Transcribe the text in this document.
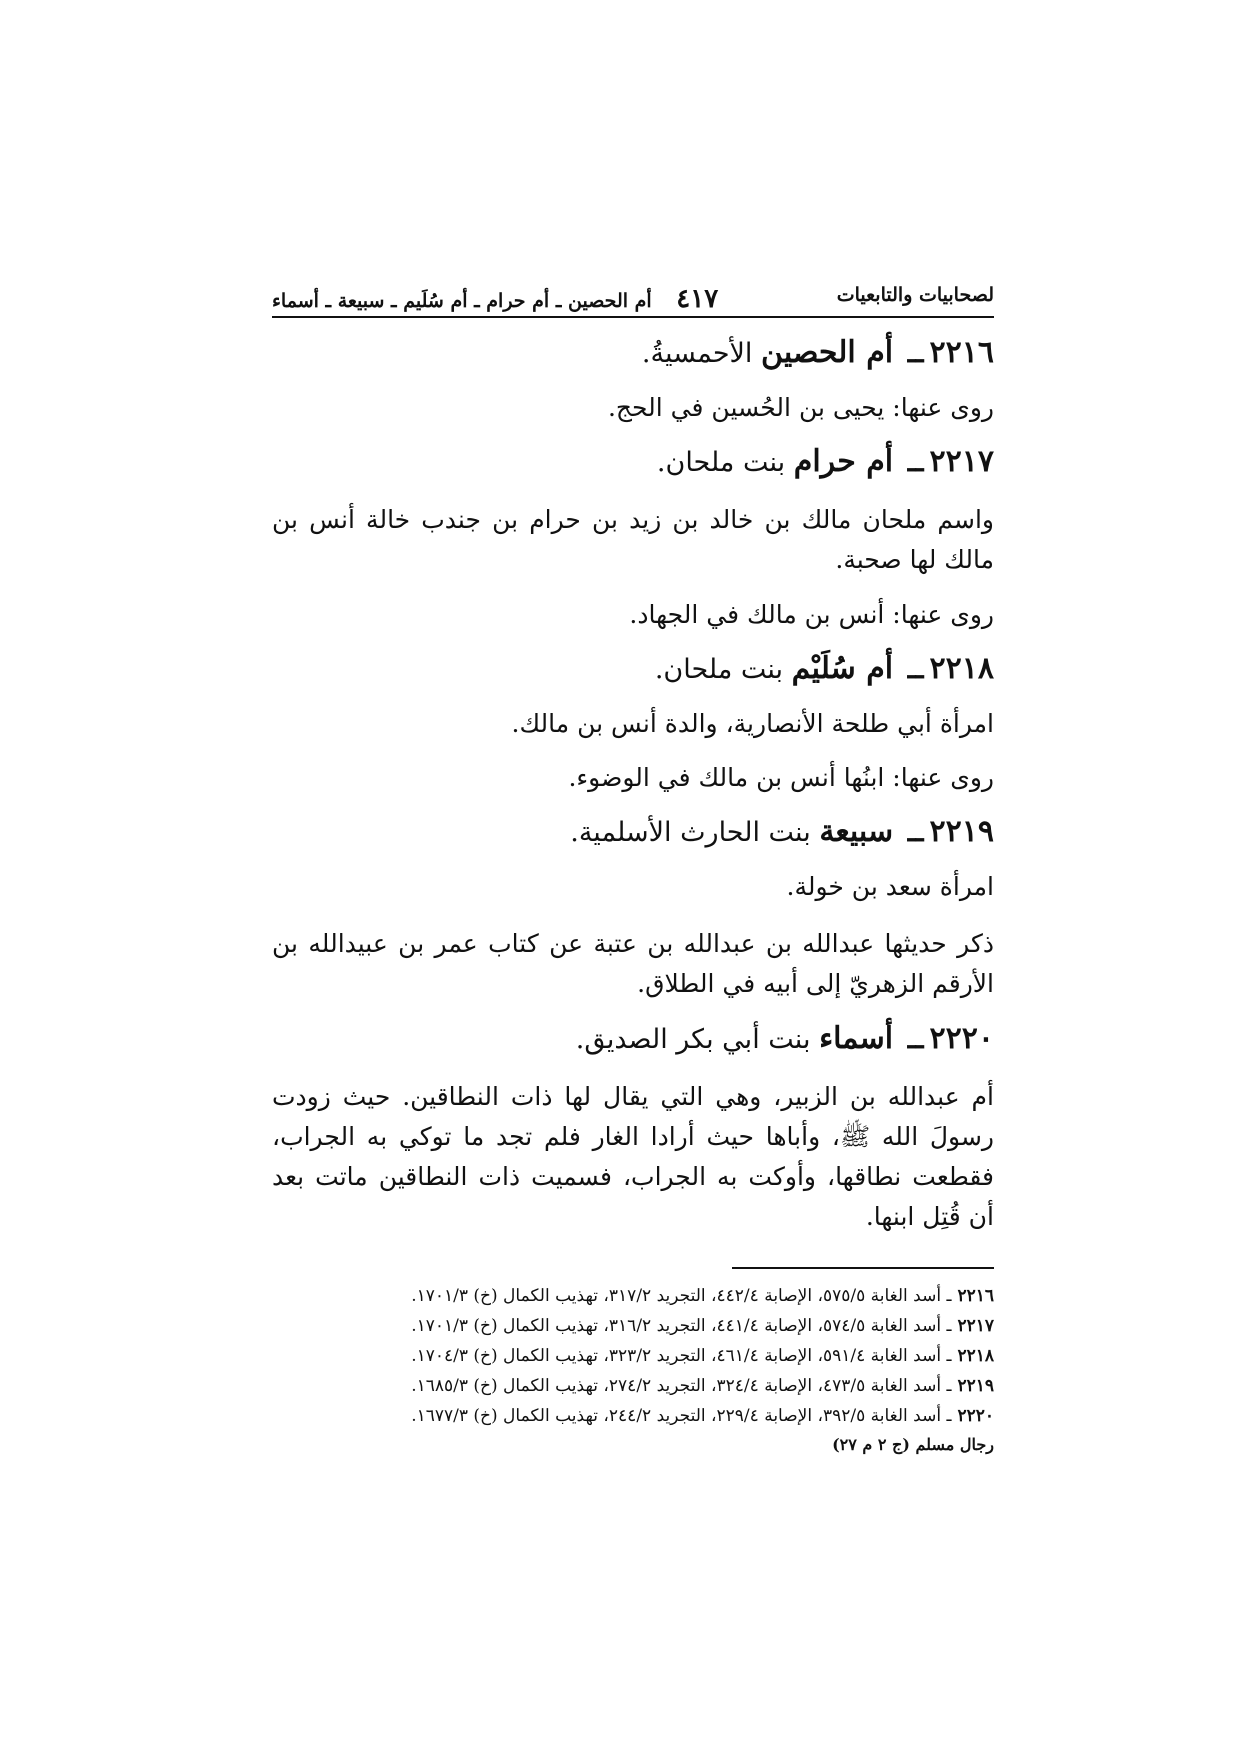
لصحابيات والتابعيات
٤١٧ أم الحصين ـ أم حرام ـ أم سُلَيم ـ سبيعة ـ أسماء
٢٢١٦ــ أم الحصين الأحمسيةُ.
روى عنها: يحيى بن الحُسين في الحج.
٢٢١٧ــ أم حرام بنت ملحان.
واسم ملحان مالك بن خالد بن زيد بن حرام بن جندب خالة أنس بن مالك لها صحبة.
روى عنها: أنس بن مالك في الجهاد.
٢٢١٨ــ أم سُلَيْم بنت ملحان.
امرأة أبي طلحة الأنصارية، والدة أنس بن مالك.
روى عنها: ابنُها أنس بن مالك في الوضوء.
٢٢١٩ــ سبيعة بنت الحارث الأسلمية.
امرأة سعد بن خولة.
ذكر حديثها عبدالله بن عبدالله بن عتبة عن كتاب عمر بن عبيدالله بن الأرقم الزهريّ إلى أبيه في الطلاق.
٢٢٢٠ــ أسماء بنت أبي بكر الصديق.
أم عبدالله بن الزبير، وهي التي يقال لها ذات النطاقين. حيث زودت رسولَ الله ﷺ، وأباها حيث أرادا الغار فلم تجد ما توكي به الجراب، فقطعت نطاقها، وأوكت به الجراب، فسميت ذات النطاقين ماتت بعد أن قُتِل ابنها.
٢٢١٦ـ أسد الغابة ٥٧٥/٥، الإصابة ٤٤٢/٤، التجريد ٣١٧/٢، تهذيب الكمال (خ) ١٧٠١/٣.
٢٢١٧ـ أسد الغابة ٥٧٤/٥، الإصابة ٤٤١/٤، التجريد ٣١٦/٢، تهذيب الكمال (خ) ١٧٠١/٣.
٢٢١٨ـ أسد الغابة ٥٩١/٤، الإصابة ٤٦١/٤، التجريد ٣٢٣/٢، تهذيب الكمال (خ) ١٧٠٤/٣.
٢٢١٩ـ أسد الغابة ٤٧٣/٥، الإصابة ٣٢٤/٤، التجريد ٢٧٤/٢، تهذيب الكمال (خ) ١٦٨٥/٣.
٢٢٢٠ـ أسد الغابة ٣٩٢/٥، الإصابة ٢٢٩/٤، التجريد ٢٤٤/٢، تهذيب الكمال (خ) ١٦٧٧/٣.
رجال مسلم (ج ٢ م ٢٧)
